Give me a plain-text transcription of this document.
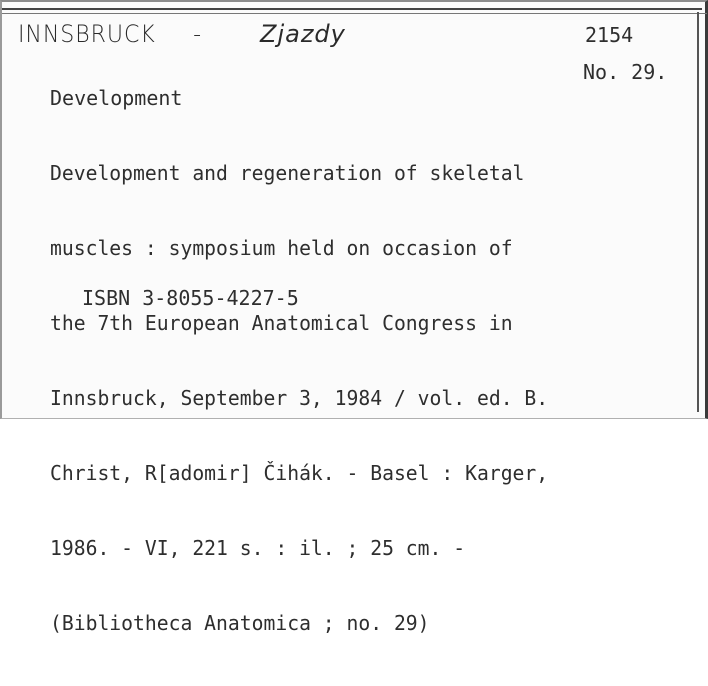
INNSBRUCK - Zjazdy	2154
No. 29.
Development

Development and regeneration of skeletal

muscles : symposium held on occasion of

the 7th European Anatomical Congress in

Innsbruck, September 3, 1984 / vol. ed. B.

Christ, R[adomir] Čihák. - Basel : Karger,

1986. - VI, 221 s. : il. ; 25 cm. -

(Bibliotheca Anatomica ; no. 29)

ISBN 3-8055-4227-5
